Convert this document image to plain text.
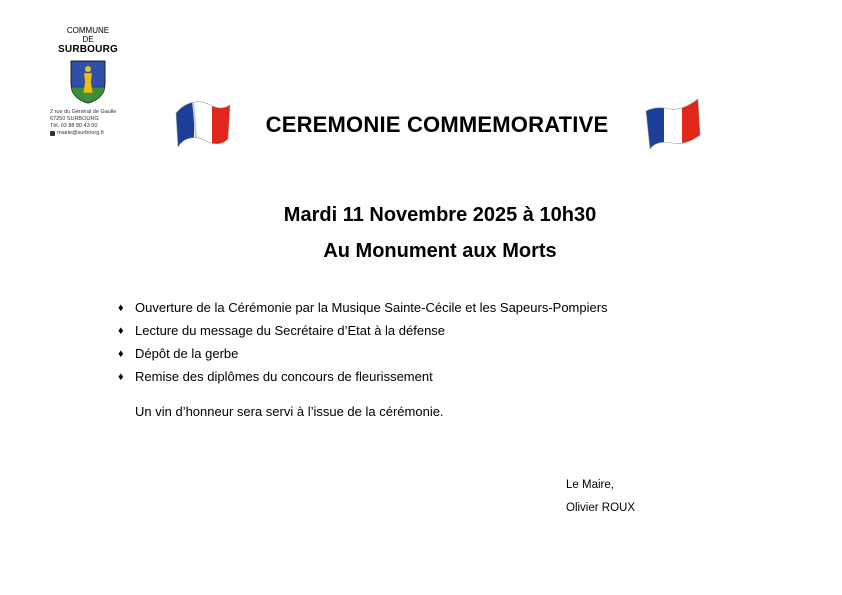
COMMUNE
DE
SURBOURG
2 rue du Général de Gaulle
67250 SURBOURG
Tél. 03 88 80 43 00
mairie@surbourg.fr	CEREMONIE COMMEMORATIVE
Mardi 11 Novembre 2025 à 10h30
Au Monument aux Morts
♦ Ouverture de la Cérémonie par la Musique Sainte-Cécile et les Sapeurs-Pompiers
♦ Lecture du message du Secrétaire d’Etat à la défense
♦ Dépôt de la gerbe
♦ Remise des diplômes du concours de fleurissement
Un vin d’honneur sera servi à l’issue de la cérémonie.
Le Maire,
Olivier ROUX
